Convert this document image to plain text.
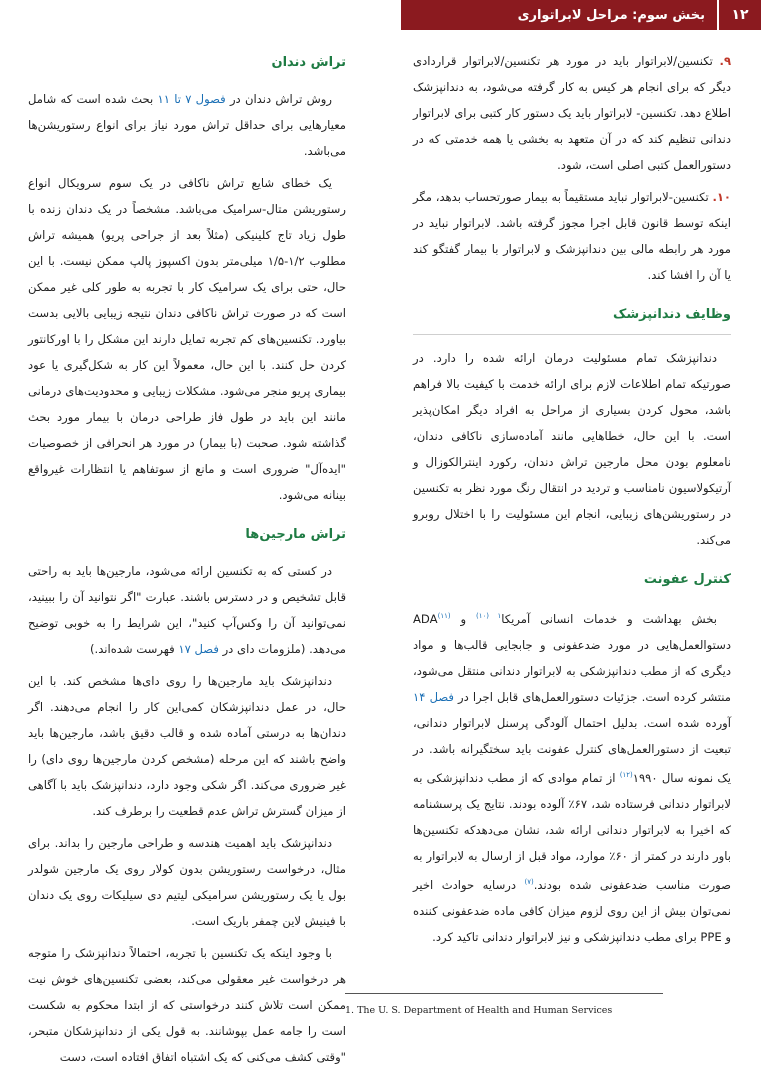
۱۲
بخش سوم: مراحل لابراتواری

۹. تکنسین/لابراتوار باید در مورد هر تکنسین/لابراتوار قراردادی دیگر که برای انجام هر کیس به کار گرفته می‌شود، به دندانپزشک اطلاع دهد. تکنسین- لابراتوار باید یک دستور کار کتبی برای لابراتوار دندانی تنظیم کند که در آن متعهد به بخشی یا همه خدمتی که در دستورالعمل کتبی اصلی است، شود.

۱۰. تکنسین-لابراتوار نباید مستقیماً به بیمار صورتحساب بدهد، مگر اینکه توسط قانون قابل اجرا مجوز گرفته باشد. لابراتوار نباید در مورد هر رابطه مالی بین دندانپزشک و لابراتوار با بیمار گفتگو کند یا آن را افشا کند.

وظایف دندانپزشک

دندانپزشک تمام مسئولیت درمان ارائه شده را دارد. در صورتیکه تمام اطلاعات لازم برای ارائه خدمت با کیفیت بالا فراهم باشد، محول کردن بسیاری از مراحل به افراد دیگر امکان‌پذیر است. با این حال، خطاهایی مانند آماده‌سازی ناکافی دندان، نامعلوم بودن محل مارجین تراش دندان، رکورد اینترالکوزال و آرتیکولاسیون نامناسب و تردید در انتقال رنگ مورد نظر به تکنسین در رستوریشن‌های زیبایی، انجام این مسئولیت را با اختلال روبرو می‌کند.

کنترل عفونت

بخش بهداشت و خدمات انسانی آمریکا$^{۱ (۱۰)}$ و ADA$^{(۱۱)}$ دستوالعمل‌هایی در مورد ضدعفونی و جابجایی قالب‌ها و مواد دیگری که از مطب دندانپزشکی به لابراتوار دندانی منتقل می‌شود، منتشر کرده است. جزئیات دستورالعمل‌های قابل اجرا در فصل ۱۴ آورده شده است. بدلیل احتمال آلودگی پرسنل لابراتوار دندانی، تبعیت از دستورالعمل‌های کنترل عفونت باید سختگیرانه باشد. در یک نمونه سال ۱۹۹۰$^{(۱۲)}$ از تمام موادی که از مطب دندانپزشکی به لابراتوار دندانی فرستاده شد، ۶۷٪ آلوده بودند. نتایج یک پرسشنامه که اخیرا به لابراتوار دندانی ارائه شد، نشان می‌دهدکه تکنسین‌ها باور دارند در کمتر از ۶۰٪ موارد، مواد قبل از ارسال به لابراتوار به صورت مناسب ضدعفونی شده بودند.$^{(۷)}$ درسایه حوادث اخیر نمی‌توان بیش از این روی لزوم میزان کافی ماده ضدعفونی کننده و PPE برای مطب دندانپزشکی و نیز لابراتوار دندانی تاکید کرد.

تراش دندان

روش تراش دندان در فصول ۷ تا ۱۱ بحث شده است که شامل معیارهایی برای حداقل تراش مورد نیاز برای انواع رستوریشن‌ها می‌باشد.

یک خطای شایع تراش ناکافی در یک سوم سرویکال انواع رستوریشن متال-سرامیک می‌باشد. مشخصاً در یک دندان زنده با طول زیاد تاج کلینیکی (مثلاً بعد از جراحی پریو) همیشه تراش مطلوب ۱/۲-۱/۵ میلی‌متر بدون اکسپوز پالپ ممکن نیست. با این حال، حتی برای یک سرامیک کار با تجربه به طور کلی غیر ممکن است که در صورت تراش ناکافی دندان نتیجه زیبایی بالایی بدست بیاورد. تکنسین‌های کم تجربه تمایل دارند این مشکل را با اورکانتور کردن حل کنند. با این حال، معمولاً این کار به شکل‌گیری یا عود بیماری پریو منجر می‌شود. مشکلات زیبایی و محدودیت‌های درمانی مانند این باید در طول فاز طراحی درمان با بیمار مورد بحث گذاشته شود. صحبت (با بیمار) در مورد هر انحرافی از خصوصیات "ایده‌آل" ضروری است و مانع از سوتفاهم یا انتظارات غیرواقع بینانه می‌شود.

تراش مارجین‌ها

در کستی که به تکنسین ارائه می‌شود، مارجین‌ها باید به راحتی قابل تشخیص و در دسترس باشند. عبارت "اگر نتوانید آن را ببینید، نمی‌توانید آن را وکس‌آپ کنید"، این شرایط را به خوبی توضیح می‌دهد. (ملزومات دای در فصل ۱۷ فهرست شده‌اند.)

دندانپزشک باید مارجین‌ها را روی دای‌ها مشخص کند. با این حال، در عمل دندانپزشکان کمی‌این کار را انجام می‌دهند. اگر دندان‌ها به درستی آماده شده و قالب دقیق باشد، مارجین‌ها باید واضح باشند که این مرحله (مشخص کردن مارجین‌ها روی دای) را غیر ضروری می‌کند. اگر شکی وجود دارد، دندانپزشک باید با آگاهی از میزان گسترش تراش عدم قطعیت را برطرف کند.

دندانپزشک باید اهمیت هندسه و طراحی مارجین را بداند. برای مثال، درخواست رستوریشن بدون کولار روی یک مارجین شولدر بول یا یک رستوریشن سرامیکی لیتیم دی سیلیکات روی یک دندان با فینیش لاین چمفر باریک است.

با وجود اینکه یک تکنسین با تجربه، احتمالاً دندانپزشک را متوجه هر درخواست غیر معقولی می‌کند، بعضی تکنسین‌های خوش نیت ممکن است تلاش کنند درخواستی که از ابتدا محکوم به شکست است را جامه عمل بپوشانند. به قول یکی از دندانپزشکان متبحر، "وقتی کشف می‌کنی که یک اشتباه اتفاق افتاده است، دست

1. The U. S. Department of Health and Human Services
